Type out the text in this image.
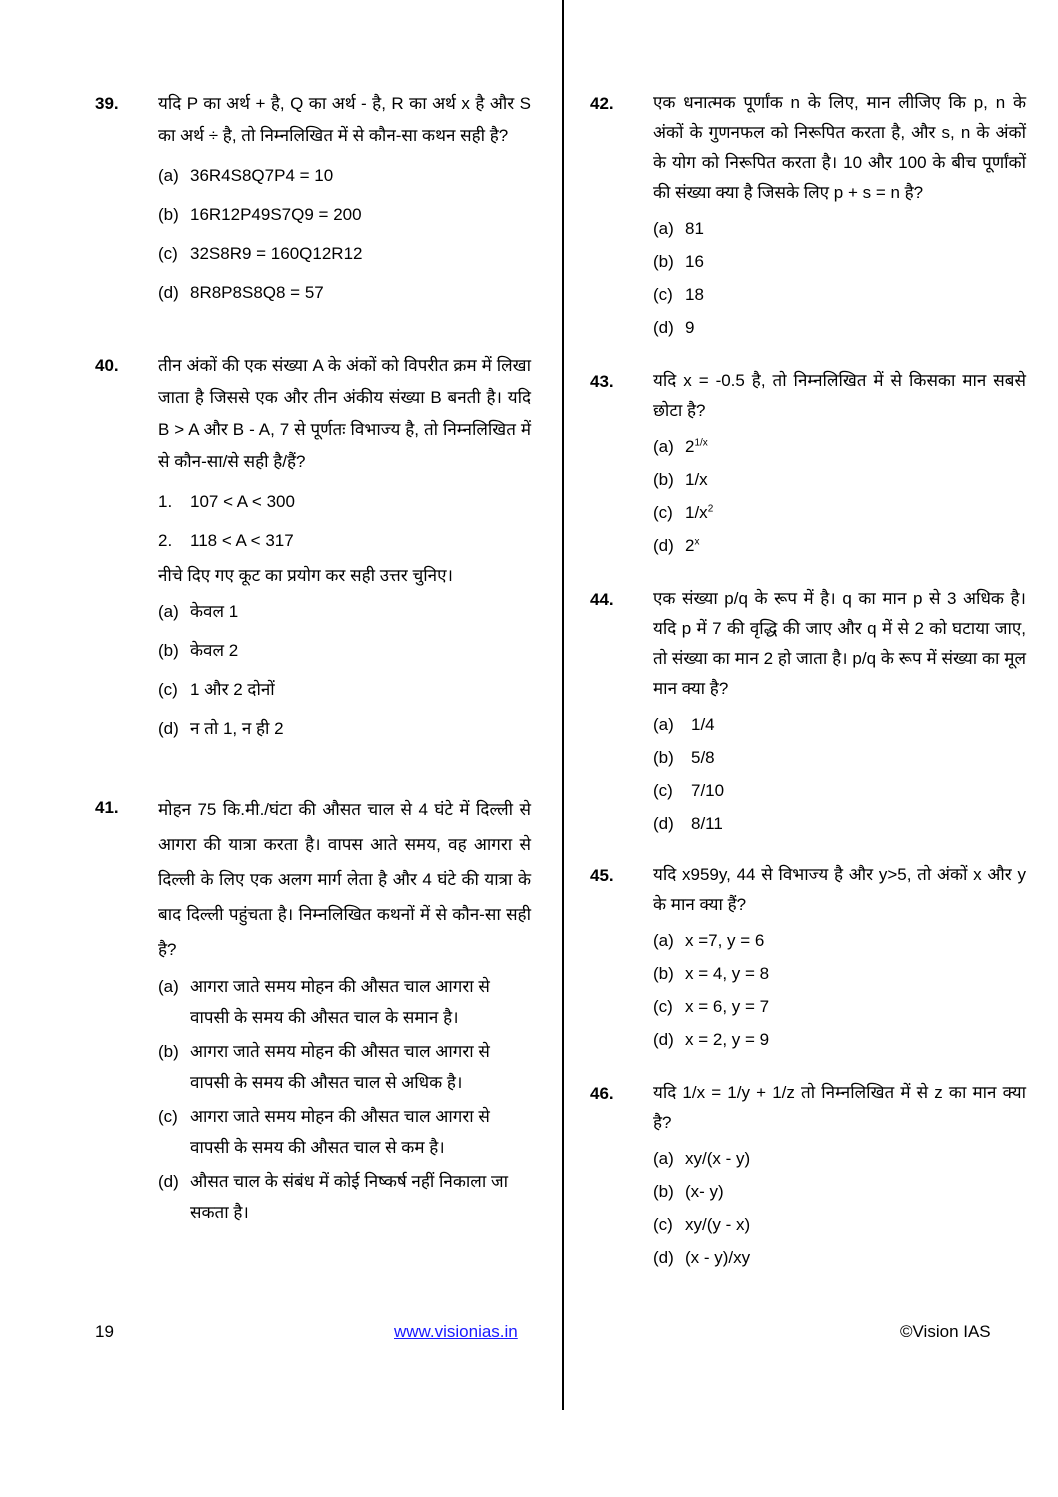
39. यदि P का अर्थ + है, Q का अर्थ - है, R का अर्थ x है और S का अर्थ ÷ है, तो निम्नलिखित में से कौन-सा कथन सही है?
(a) 36R4S8Q7P4 = 10
(b) 16R12P49S7Q9 = 200
(c) 32S8R9 = 160Q12R12
(d) 8R8P8S8Q8 = 57
40. तीन अंकों की एक संख्या A के अंकों को विपरीत क्रम में लिखा जाता है जिससे एक और तीन अंकीय संख्या B बनती है। यदि B > A और B - A, 7 से पूर्णतः विभाज्य है, तो निम्नलिखित में से कौन-सा/से सही है/हैं?
1. 107 < A < 300
2. 118 < A < 317
नीचे दिए गए कूट का प्रयोग कर सही उत्तर चुनिए।
(a) केवल 1
(b) केवल 2
(c) 1 और 2 दोनों
(d) न तो 1, न ही 2
41. मोहन 75 कि.मी./घंटा की औसत चाल से 4 घंटे में दिल्ली से आगरा की यात्रा करता है। वापस आते समय, वह आगरा से दिल्ली के लिए एक अलग मार्ग लेता है और 4 घंटे की यात्रा के बाद दिल्ली पहुंचता है। निम्नलिखित कथनों में से कौन-सा सही है?
(a) आगरा जाते समय मोहन की औसत चाल आगरा से वापसी के समय की औसत चाल के समान है।
(b) आगरा जाते समय मोहन की औसत चाल आगरा से वापसी के समय की औसत चाल से अधिक है।
(c) आगरा जाते समय मोहन की औसत चाल आगरा से वापसी के समय की औसत चाल से कम है।
(d) औसत चाल के संबंध में कोई निष्कर्ष नहीं निकाला जा सकता है।
42. एक धनात्मक पूर्णांक n के लिए, मान लीजिए कि p, n के अंकों के गुणनफल को निरूपित करता है, और s, n के अंकों के योग को निरूपित करता है। 10 और 100 के बीच पूर्णांकों की संख्या क्या है जिसके लिए p + s = n है?
(a) 81
(b) 16
(c) 18
(d) 9
43. यदि x = -0.5 है, तो निम्नलिखित में से किसका मान सबसे छोटा है?
(a) $2^{1/x}$
(b) 1/x
(c) $1/x^2$
(d) 2$^x$
44. एक संख्या p/q के रूप में है। q का मान p से 3 अधिक है। यदि p में 7 की वृद्धि की जाए और q में से 2 को घटाया जाए, तो संख्या का मान 2 हो जाता है। p/q के रूप में संख्या का मूल मान क्या है?
(a) 1/4
(b) 5/8
(c) 7/10
(d) 8/11
45. यदि x959y, 44 से विभाज्य है और y>5, तो अंकों x और y के मान क्या हैं?
(a) x =7, y = 6
(b) x = 4, y = 8
(c) x = 6, y = 7
(d) x = 2, y = 9
46. यदि 1/x = 1/y + 1/z तो निम्नलिखित में से z का मान क्या है?
(a) xy/(x - y)
(b) (x- y)
(c) xy/(y - x)
(d) (x - y)/xy
19	www.visionias.in	©Vision IAS
